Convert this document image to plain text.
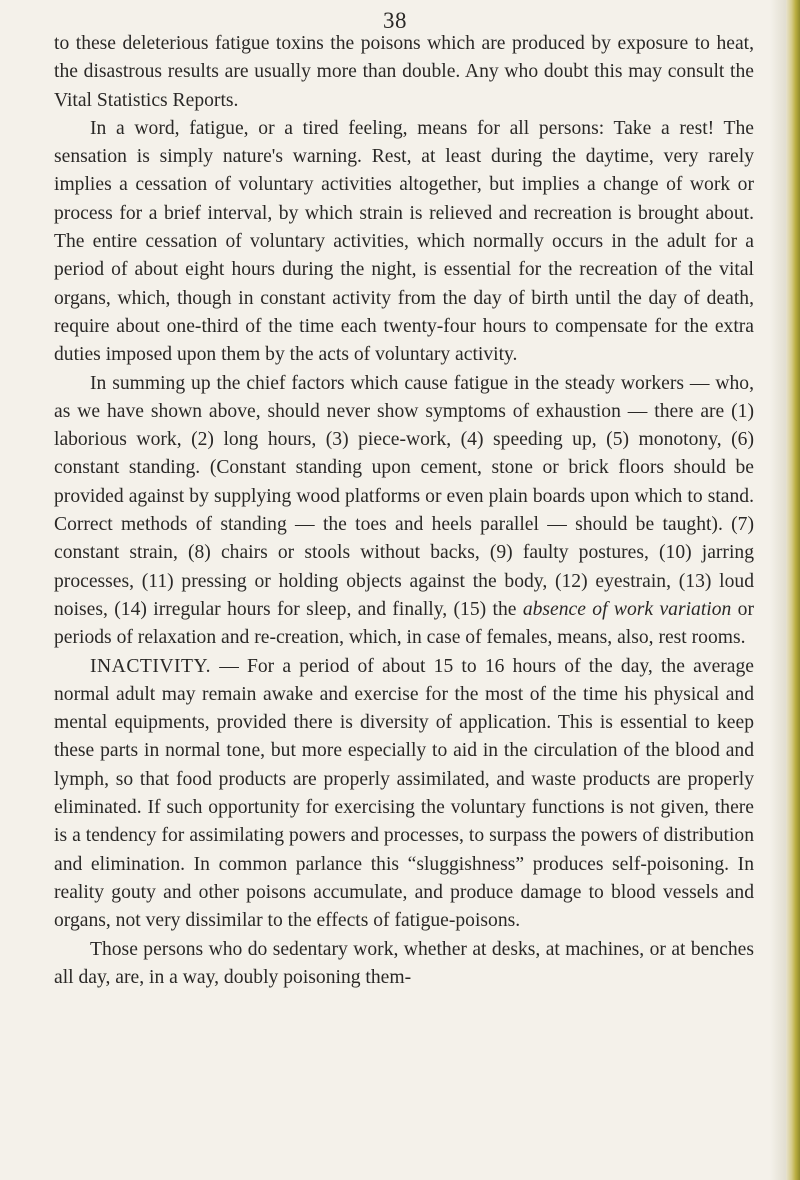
38

to these deleterious fatigue toxins the poisons which are produced by exposure to heat, the disastrous results are usually more than double. Any who doubt this may consult the Vital Statistics Reports.

In a word, fatigue, or a tired feeling, means for all persons: Take a rest! The sensation is simply nature's warning. Rest, at least during the daytime, very rarely implies a cessation of voluntary activities altogether, but implies a change of work or process for a brief interval, by which strain is relieved and recreation is brought about. The entire cessation of voluntary activities, which normally occurs in the adult for a period of about eight hours during the night, is essential for the recreation of the vital organs, which, though in constant activity from the day of birth until the day of death, require about one-third of the time each twenty-four hours to compensate for the extra duties imposed upon them by the acts of voluntary activity.

In summing up the chief factors which cause fatigue in the steady workers — who, as we have shown above, should never show symptoms of exhaustion — there are (1) laborious work, (2) long hours, (3) piece-work, (4) speeding up, (5) monotony, (6) constant standing. (Constant standing upon cement, stone or brick floors should be provided against by supplying wood platforms or even plain boards upon which to stand. Correct methods of standing — the toes and heels parallel — should be taught). (7) constant strain, (8) chairs or stools without backs, (9) faulty postures, (10) jarring processes, (11) pressing or holding objects against the body, (12) eyestrain, (13) loud noises, (14) irregular hours for sleep, and finally, (15) the absence of work variation or periods of relaxation and re-creation, which, in case of females, means, also, rest rooms.

INACTIVITY. — For a period of about 15 to 16 hours of the day, the average normal adult may remain awake and exercise for the most of the time his physical and mental equipments, provided there is diversity of application. This is essential to keep these parts in normal tone, but more especially to aid in the circulation of the blood and lymph, so that food products are properly assimilated, and waste products are properly eliminated. If such opportunity for exercising the voluntary functions is not given, there is a tendency for assimilating powers and processes, to surpass the powers of distribution and elimination. In common parlance this “sluggishness” produces self-poisoning. In reality gouty and other poisons accumulate, and produce damage to blood vessels and organs, not very dissimilar to the effects of fatigue-poisons.

Those persons who do sedentary work, whether at desks, at machines, or at benches all day, are, in a way, doubly poisoning them-
